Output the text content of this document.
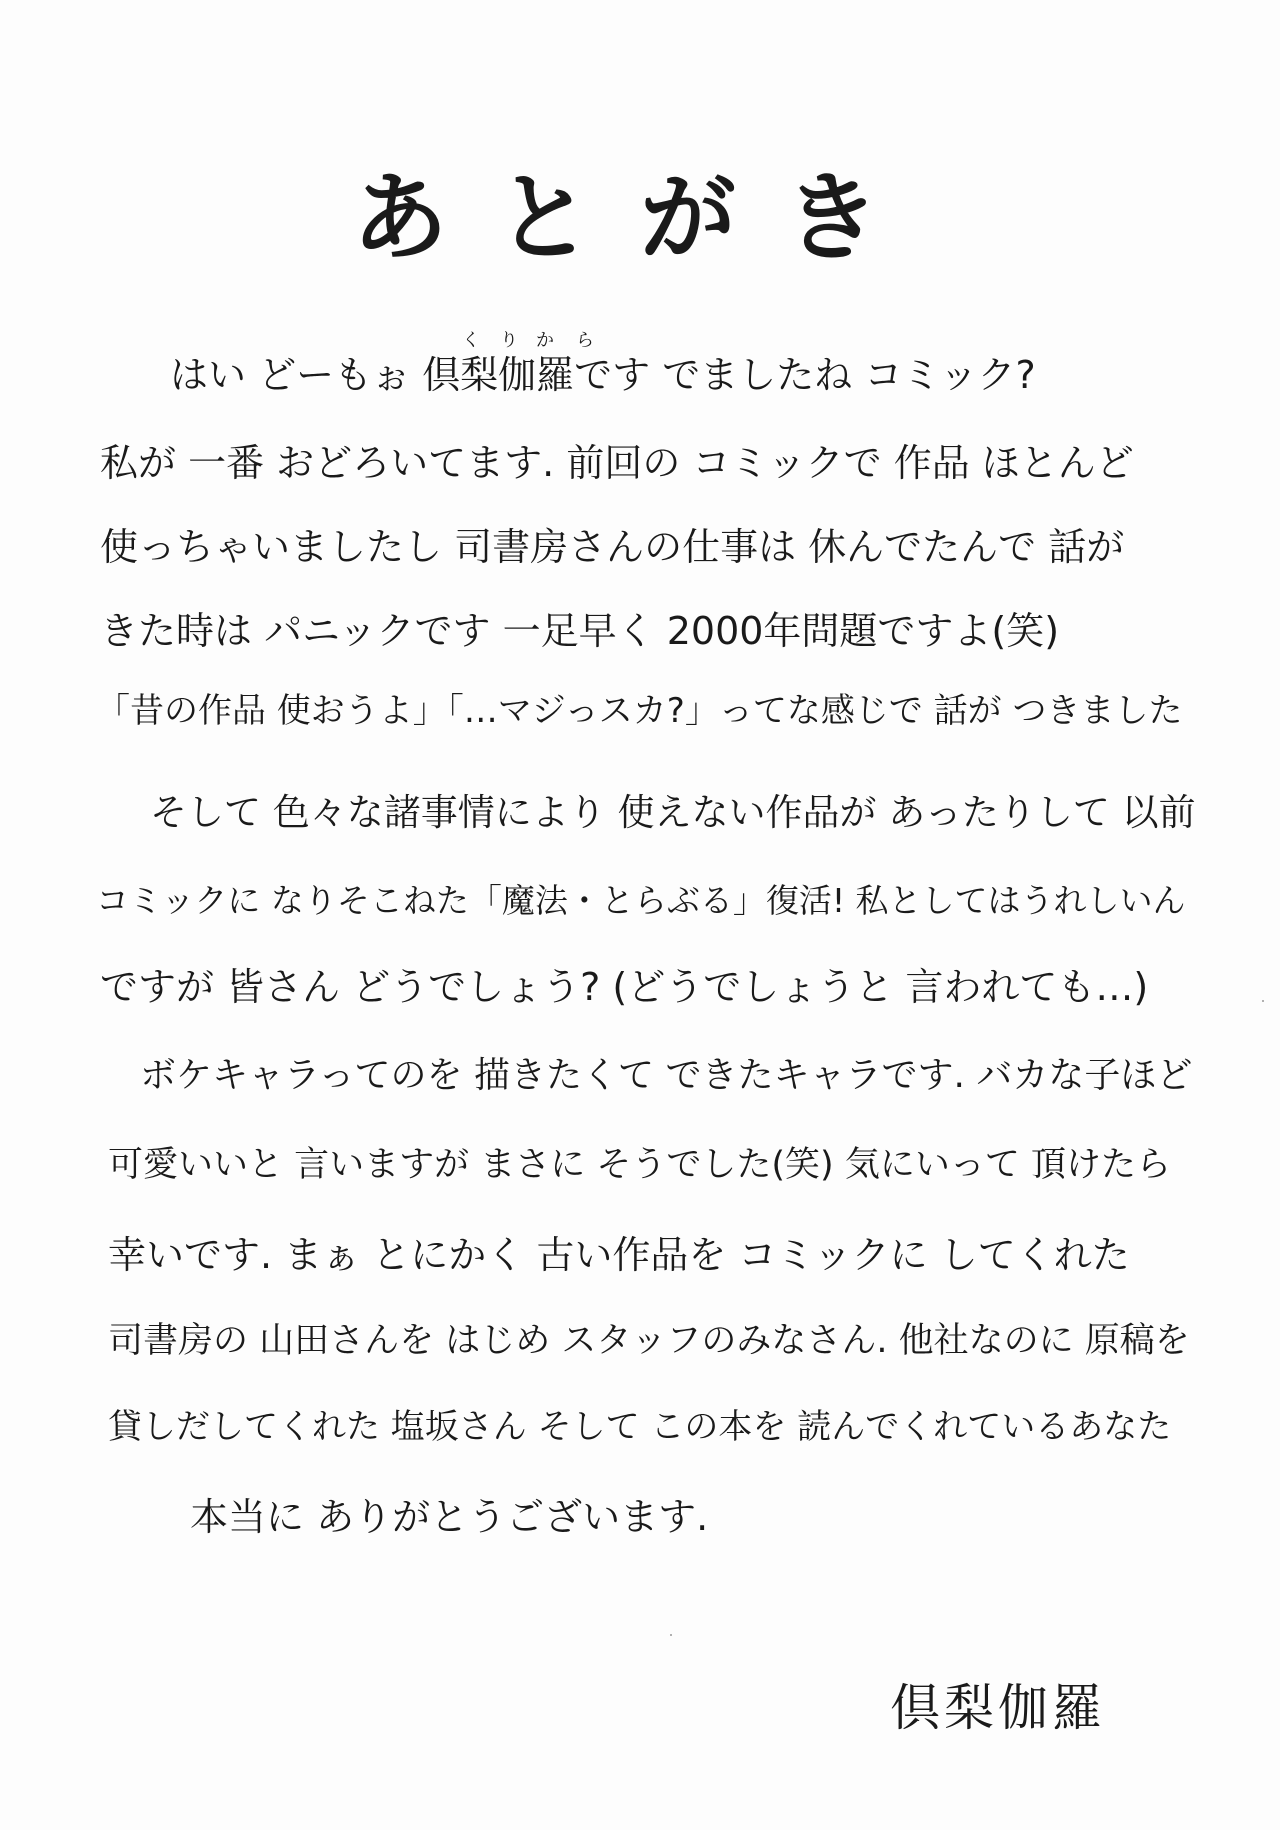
あとがき
く り か ら
はい どーもぉ 倶梨伽羅です でましたね コミック?
私が 一番 おどろいてます. 前回の コミックで 作品 ほとんど
使っちゃいましたし 司書房さんの仕事は 休んでたんで 話が
きた時は パニックです 一足早く 2000年問題ですよ(笑)
「昔の作品 使おうよ」「…マジっスカ?」ってな感じで 話が つきました
そして 色々な諸事情により 使えない作品が あったりして 以前
コミックに なりそこねた「魔法・とらぶる」復活! 私としてはうれしいん
ですが 皆さん どうでしょう? (どうでしょうと 言われても…)
ボケキャラってのを 描きたくて できたキャラです. バカな子ほど
可愛いいと 言いますが まさに そうでした(笑) 気にいって 頂けたら
幸いです. まぁ とにかく 古い作品を コミックに してくれた
司書房の 山田さんを はじめ スタッフのみなさん. 他社なのに 原稿を
貸しだしてくれた 塩坂さん そして この本を 読んでくれているあなた
本当に ありがとうございます.
倶梨伽羅
